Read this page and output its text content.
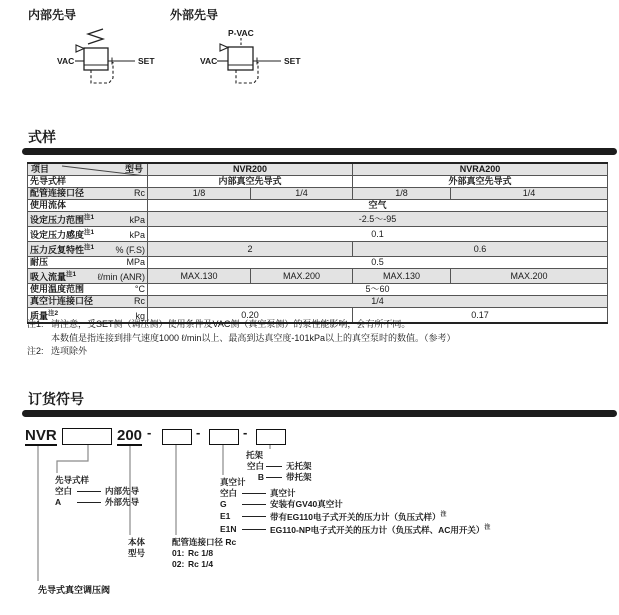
内部先导	外部先导
VAC	SET
P-VAC
VAC	SET
式样
项目 型号	NVR200		NVRA200	

先导式样	内部真空先导式		外部真空先导式	

配管连接口径 Rc	1/8	1/4	1/8	1/4

使用流体	空气			

设定压力范围$^{注1}$ kPa	-2.5～-95			

设定压力感度$^{注1}$ kPa	0.1			

压力反复特性$^{注1}$ % (F.S)	2		0.6	

耐压 MPa	0.5			

吸入流量$^{注1}$ ℓ/min (ANR)	MAX.130	MAX.200	MAX.130	MAX.200

使用温度范围 °C	5～60			

真空计连接口径 Rc	1/4			

质量$^{注2}$ kg	0.20		0.17	
注1: 请注意，受SET侧（调压侧）使用条件及VAC侧（真空泵侧）的泵性能影响，会有所不同。
本数值是指连接到排气速度1000 ℓ/min以上、最高到达真空度-101kPa以上的真空泵时的数值。（参考）
注2: 选项除外
订货符号
NVR	200 -	-	-
托架
空白	无托架
B	带托架
先导式样
空白	内部先导
A	外部先导
真空计
空白	真空计
G	安装有GV40真空计
E1	带有EG110电子式开关的压力计（负压式样）$^注$
E1N	EG110-NP电子式开关的压力计（负压式样、AC用开关）$^注$
本体
型号
配管连接口径 Rc
01: Rc 1/8
02: Rc 1/4
先导式真空调压阀
